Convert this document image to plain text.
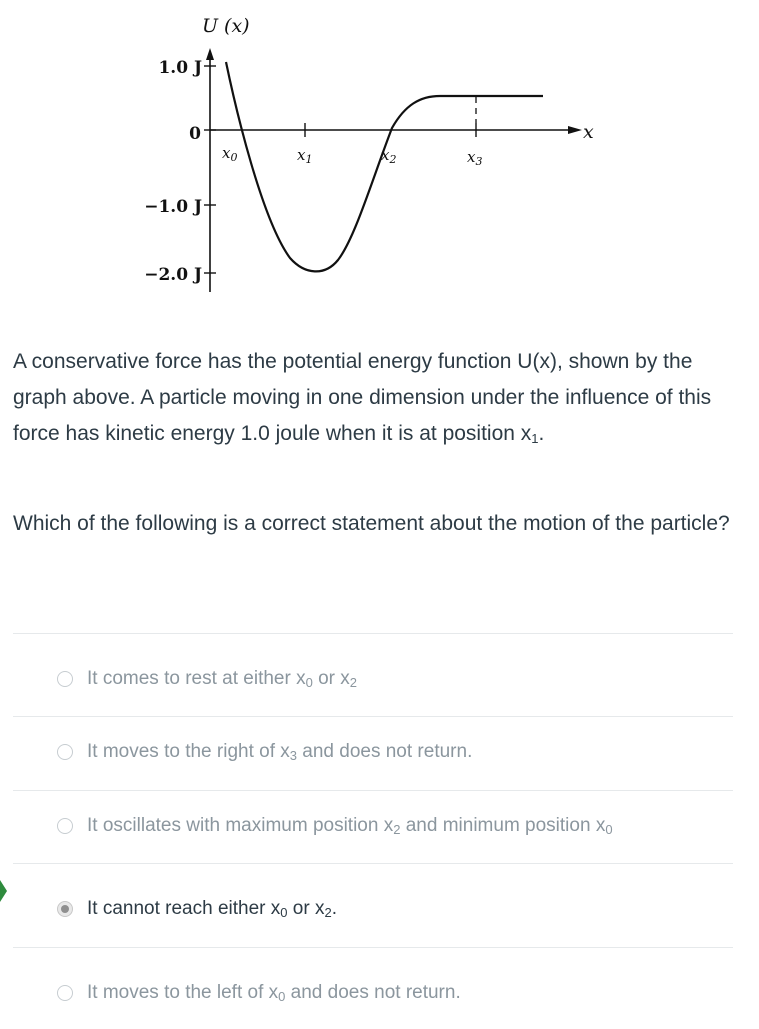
U (x)
x
1.0 J
0
−1.0 J
−2.0 J
$x_0$	$x_1$	$x_2$	$x_3$

A conservative force has the potential energy function U(x), shown by the graph above. A particle moving in one dimension under the influence of this force has kinetic energy 1.0 joule when it is at position $x_1$.

Which of the following is a correct statement about the motion of the particle?

It comes to rest at either $x_0$ or $x_2$
It moves to the right of $x_3$ and does not return.
It oscillates with maximum position $x_2$ and minimum position $x_0$
It cannot reach either $x_0$ or $x_2$.
It moves to the left of $x_0$ and does not return.
